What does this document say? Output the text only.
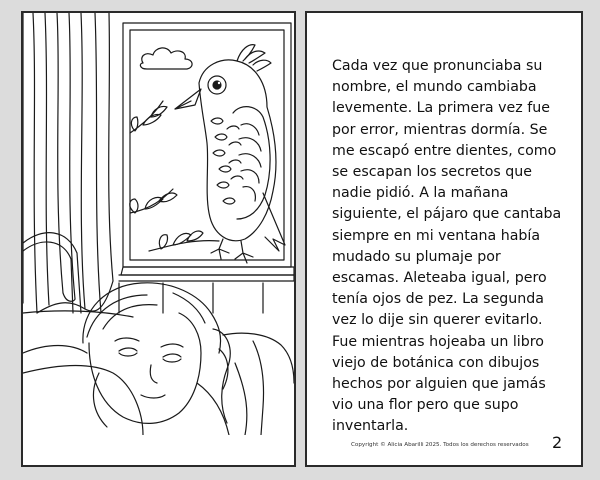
Cada vez que pronunciaba su nombre, el mundo cambiaba levemente. La primera vez fue por error, mientras dormía. Se me escapó entre dientes, como se escapan los secretos que nadie pidió. A la mañana siguiente, el pájaro que cantaba siempre en mi ventana había mudado su plumaje por escamas. Aleteaba igual, pero tenía ojos de pez. La segunda vez lo dije sin querer evitarlo. Fue mientras hojeaba un libro viejo de botánica con dibujos hechos por alguien que jamás vio una flor pero que supo inventarla.

Copyright © Alicia Abarilli 2025. Todos los derechos reservados 2
